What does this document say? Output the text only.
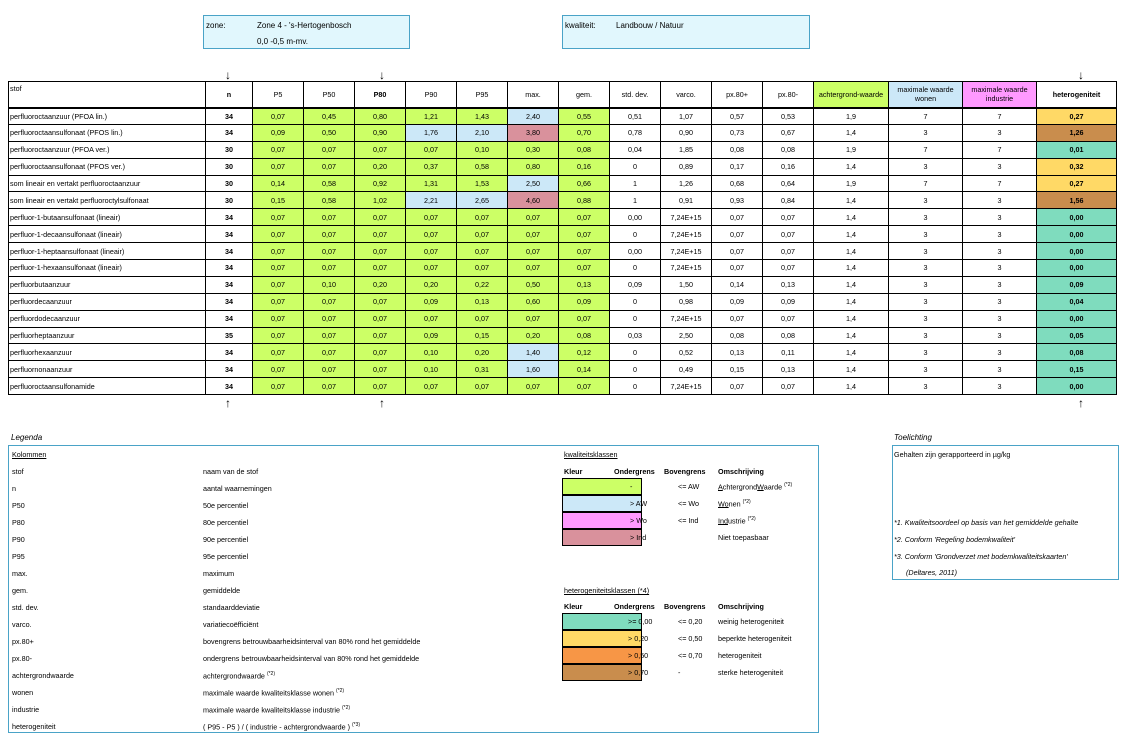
zone:	Zone 4 - 's-Hertogenbosch
0,0 -0,5 m-mv.
kwaliteit:	Landbouw / Natuur
↓	↓	↓
↑	↑	↑
stof	n	P5	P50	P80	P90	P95	max.	gem.	std. dev.	varco.	px.80+	px.80-	achtergrond-waarde	maximale waarde wonen	maximale waarde industrie	heterogeniteit
perfluoroctaanzuur (PFOA lin.)	34	0,07	0,45	0,80	1,21	1,43	2,40	0,55	0,51	1,07	0,57	0,53	1,9	7	7	0,27
perfluoroctaansulfonaat (PFOS lin.)	34	0,09	0,50	0,90	1,76	2,10	3,80	0,70	0,78	0,90	0,73	0,67	1,4	3	3	1,26
perfluoroctaanzuur (PFOA ver.)	30	0,07	0,07	0,07	0,07	0,10	0,30	0,08	0,04	1,85	0,08	0,08	1,9	7	7	0,01
perfluoroctaansulfonaat (PFOS ver.)	30	0,07	0,07	0,20	0,37	0,58	0,80	0,16	0	0,89	0,17	0,16	1,4	3	3	0,32
som lineair en vertakt perfluoroctaanzuur	30	0,14	0,58	0,92	1,31	1,53	2,50	0,66	1	1,26	0,68	0,64	1,9	7	7	0,27
som lineair en vertakt perfluoroctylsulfonaat	30	0,15	0,58	1,02	2,21	2,65	4,60	0,88	1	0,91	0,93	0,84	1,4	3	3	1,56
perfluor-1-butaansulfonaat (lineair)	34	0,07	0,07	0,07	0,07	0,07	0,07	0,07	0,00	7,24E+15	0,07	0,07	1,4	3	3	0,00
perfluor-1-decaansulfonaat (lineair)	34	0,07	0,07	0,07	0,07	0,07	0,07	0,07	0	7,24E+15	0,07	0,07	1,4	3	3	0,00
perfluor-1-heptaansulfonaat (lineair)	34	0,07	0,07	0,07	0,07	0,07	0,07	0,07	0,00	7,24E+15	0,07	0,07	1,4	3	3	0,00
perfluor-1-hexaansulfonaat (lineair)	34	0,07	0,07	0,07	0,07	0,07	0,07	0,07	0	7,24E+15	0,07	0,07	1,4	3	3	0,00
perfluorbutaanzuur	34	0,07	0,10	0,20	0,20	0,22	0,50	0,13	0,09	1,50	0,14	0,13	1,4	3	3	0,09
perfluordecaanzuur	34	0,07	0,07	0,07	0,09	0,13	0,60	0,09	0	0,98	0,09	0,09	1,4	3	3	0,04
perfluordodecaanzuur	34	0,07	0,07	0,07	0,07	0,07	0,07	0,07	0	7,24E+15	0,07	0,07	1,4	3	3	0,00
perfluorheptaanzuur	35	0,07	0,07	0,07	0,09	0,15	0,20	0,08	0,03	2,50	0,08	0,08	1,4	3	3	0,05
perfluorhexaanzuur	34	0,07	0,07	0,07	0,10	0,20	1,40	0,12	0	0,52	0,13	0,11	1,4	3	3	0,08
perfluornonaanzuur	34	0,07	0,07	0,07	0,10	0,31	1,60	0,14	0	0,49	0,15	0,13	1,4	3	3	0,15
perfluoroctaansulfonamide	34	0,07	0,07	0,07	0,07	0,07	0,07	0,07	0	7,24E+15	0,07	0,07	1,4	3	3	0,00
Legenda
Kolommen
stof	naam van de stof
n	aantal waarnemingen
P50	50e percentiel
P80	80e percentiel
P90	90e percentiel
P95	95e percentiel
max.	maximum
gem.	gemiddelde
std. dev.	standaarddeviatie
varco.	variatiecoëfficiënt
px.80+	bovengrens betrouwbaarheidsinterval van 80% rond het gemiddelde
px.80-	ondergrens betrouwbaarheidsinterval van 80% rond het gemiddelde
achtergrondwaarde	achtergrondwaarde $^{(*2)}$
wonen	maximale waarde kwaliteitsklasse wonen $^{(*2)}$
industrie	maximale waarde kwaliteitsklasse industrie $^{(*2)}$
heterogeniteit	( P95 - P5 ) / ( industrie - achtergrondwaarde ) $^{(*3)}$
kwaliteitsklassen
Kleur	Ondergrens Bovengrens Omschrijving
-	<= AW	AchtergrondWaarde $^{(*2)}$
> AW	<= Wo	Wonen $^{(*2)}$
> Wo	<= Ind	Industrie $^{(*2)}$
> Ind	Niet toepasbaar
heterogeniteitsklassen (*4)
Kleur	Ondergrens Bovengrens Omschrijving
>= 0,00	<= 0,20 weinig heterogeniteit
> 0,20	<= 0,50 beperkte heterogeniteit
> 0,50	<= 0,70 heterogeniteit
> 0,70	-	sterke heterogeniteit
Toelichting
Gehalten zijn gerapporteerd in µg/kg
*1. Kwaliteitsoordeel op basis van het gemiddelde gehalte
*2. Conform 'Regeling bodemkwaliteit'
*3. Conform 'Grondverzet met bodemkwaliteitskaarten'
(Deltares, 2011)
